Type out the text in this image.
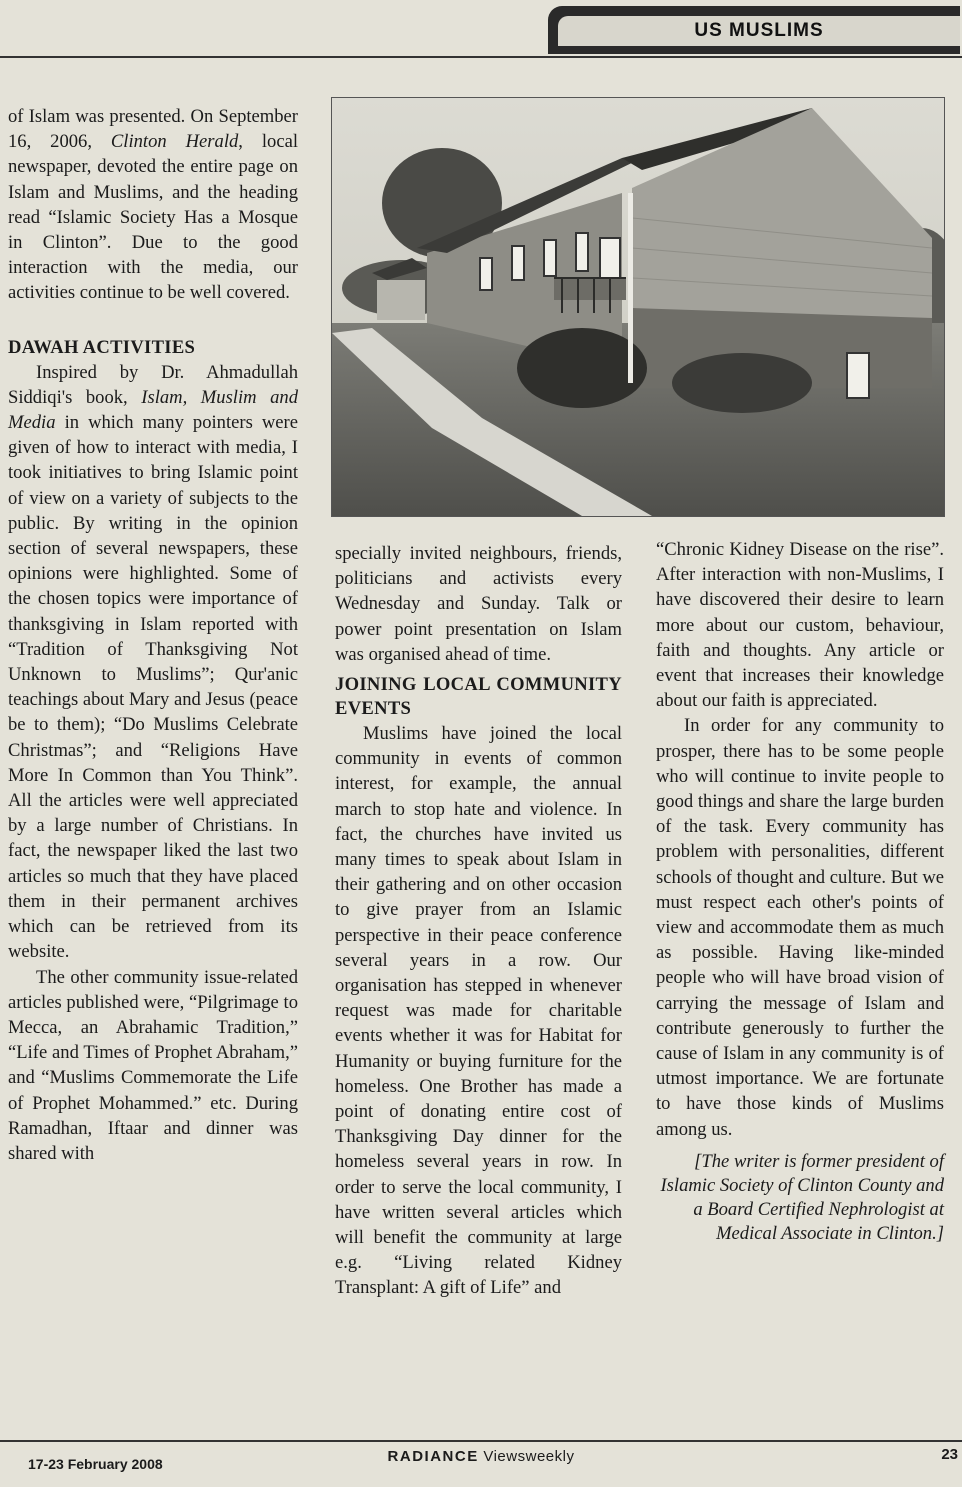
US MUSLIMS

of Islam was presented. On September 16, 2006, Clinton Herald, local newspaper, devoted the entire page on Islam and Muslims, and the heading read “Islamic Society Has a Mosque in Clinton”. Due to the good interaction with the media, our activities continue to be well covered.

DAWAH ACTIVITIES

Inspired by Dr. Ahmadullah Siddiqi's book, Islam, Muslim and Media in which many pointers were given of how to interact with media, I took initiatives to bring Islamic point of view on a variety of subjects to the public. By writing in the opinion section of several newspapers, these opinions were highlighted. Some of the chosen topics were importance of thanksgiving in Islam reported with “Tradition of Thanksgiving Not Unknown to Muslims”; Qur'anic teachings about Mary and Jesus (peace be to them); “Do Muslims Celebrate Christmas”; and “Religions Have More In Common than You Think”. All the articles were well appreciated by a large number of Christians. In fact, the newspaper liked the last two articles so much that they have placed them in their permanent archives which can be retrieved from its website.

The other community issue-related articles published were, “Pilgrimage to Mecca, an Abrahamic Tradition,” “Life and Times of Prophet Abraham,” and “Muslims Commemorate the Life of Prophet Mohammed.” etc. During Ramadhan, Iftaar and dinner was shared with

specially invited neighbours, friends, politicians and activists every Wednesday and Sunday. Talk or power point presentation on Islam was organised ahead of time.

JOINING LOCAL COMMUNITY EVENTS

Muslims have joined the local community in events of common interest, for example, the annual march to stop hate and violence. In fact, the churches have invited us many times to speak about Islam in their gathering and on other occasion to give prayer from an Islamic perspective in their peace conference several years in a row. Our organisation has stepped in whenever request was made for charitable events whether it was for Habitat for Humanity or buying furniture for the homeless. One Brother has made a point of donating entire cost of Thanksgiving Day dinner for the homeless several years in row. In order to serve the local community, I have written several articles which will benefit the community at large e.g. “Living related Kidney Transplant: A gift of Life” and

“Chronic Kidney Disease on the rise”. After interaction with non-Muslims, I have discovered their desire to learn more about our custom, behaviour, faith and thoughts. Any article or event that increases their knowledge about our faith is appreciated.

In order for any community to prosper, there has to be some people who will continue to invite people to good things and share the large burden of the task. Every community has problem with personalities, different schools of thought and culture. But we must respect each other's points of view and accommodate them as much as possible. Having like-minded people who will have broad vision of carrying the message of Islam and contribute generously to further the cause of Islam in any community is of utmost importance. We are fortunate to have those kinds of Muslims among us.

[The writer is former president of Islamic Society of Clinton County and a Board Certified Nephrologist at Medical Associate in Clinton.]

17-23 February 2008	RADIANCE Viewsweekly	23
